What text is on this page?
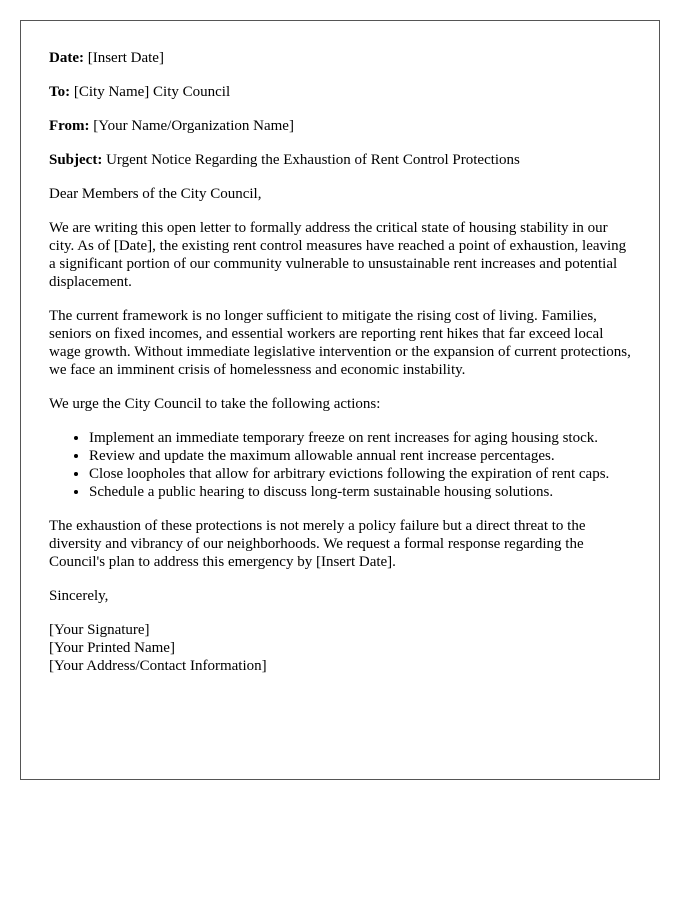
Date: [Insert Date]

To: [City Name] City Council

From: [Your Name/Organization Name]

Subject: Urgent Notice Regarding the Exhaustion of Rent Control Protections

Dear Members of the City Council,

We are writing this open letter to formally address the critical state of housing stability in our city. As of [Date], the existing rent control measures have reached a point of exhaustion, leaving a significant portion of our community vulnerable to unsustainable rent increases and potential displacement.

The current framework is no longer sufficient to mitigate the rising cost of living. Families, seniors on fixed incomes, and essential workers are reporting rent hikes that far exceed local wage growth. Without immediate legislative intervention or the expansion of current protections, we face an imminent crisis of homelessness and economic instability.

We urge the City Council to take the following actions:

• Implement an immediate temporary freeze on rent increases for aging housing stock.
• Review and update the maximum allowable annual rent increase percentages.
• Close loopholes that allow for arbitrary evictions following the expiration of rent caps.
• Schedule a public hearing to discuss long-term sustainable housing solutions.

The exhaustion of these protections is not merely a policy failure but a direct threat to the diversity and vibrancy of our neighborhoods. We request a formal response regarding the Council's plan to address this emergency by [Insert Date].

Sincerely,

[Your Signature]
[Your Printed Name]
[Your Address/Contact Information]
